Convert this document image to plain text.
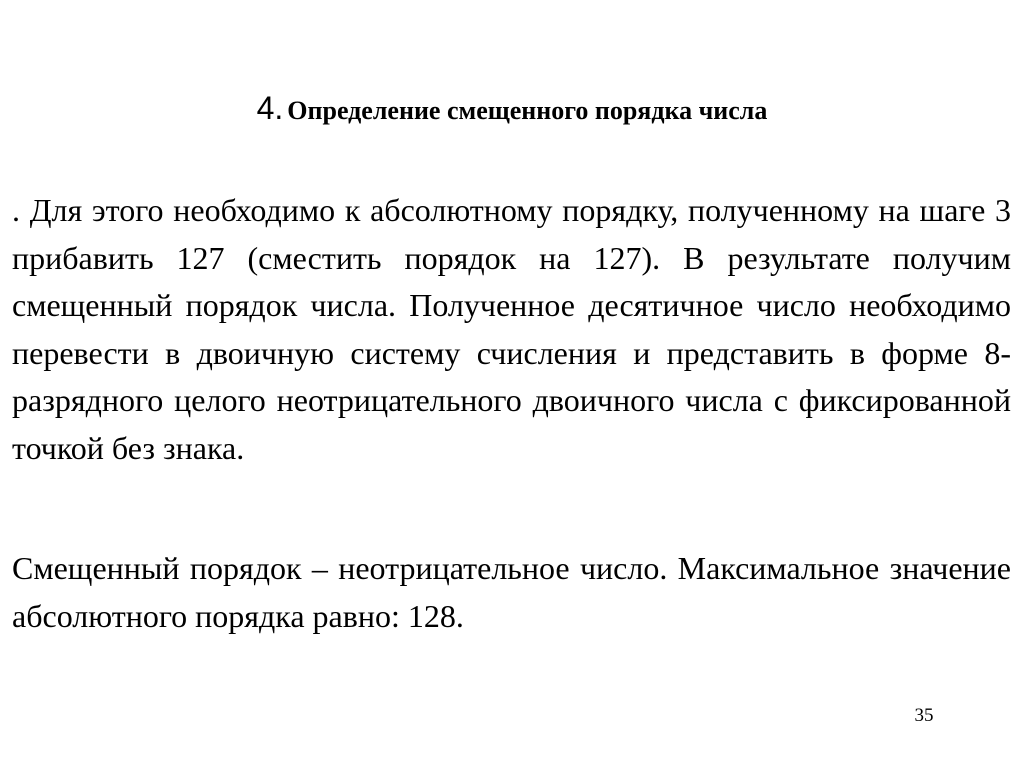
4. Определение смещенного порядка числа

. Для этого необходимо к абсолютному порядку, полученному на шаге 3 прибавить 127 (сместить порядок на 127). В результате получим смещенный порядок числа. Полученное десятичное число необходимо перевести в двоичную систему счисления и представить в форме 8- разрядного целого неотрицательного двоичного числа с фиксированной точкой без знака.

Смещенный порядок – неотрицательное число. Максимальное значение абсолютного порядка равно: 128.

35
